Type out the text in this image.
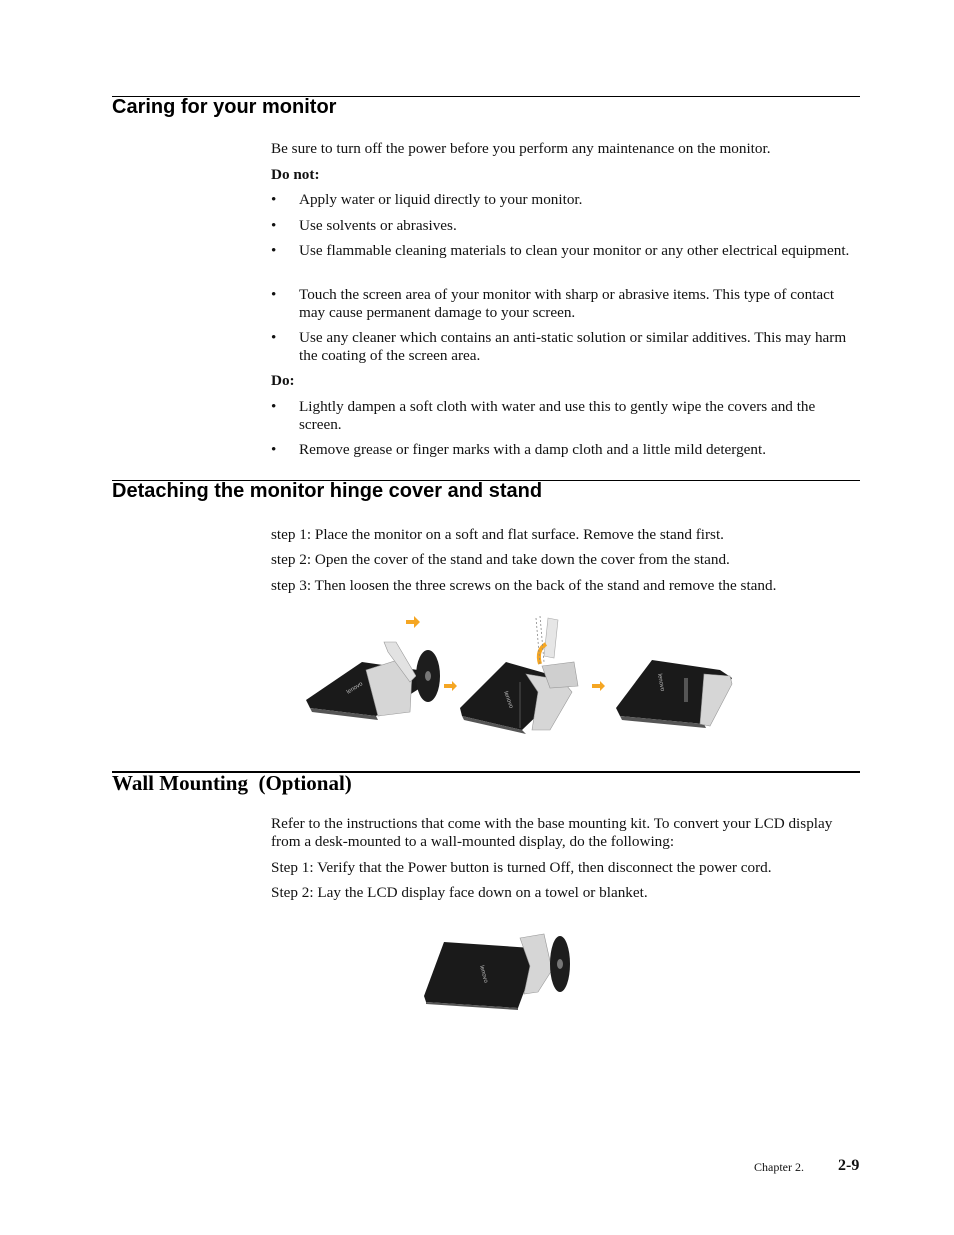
Caring for your monitor

Be sure to turn off the power before you perform any maintenance on the monitor.

Do not:

•	Apply water or liquid directly to your monitor.
•	Use solvents or abrasives.
•	Use flammable cleaning materials to clean your monitor or any other electrical equipment.
•	Touch the screen area of your monitor with sharp or abrasive items. This type of contact may cause permanent damage to your screen.
•	Use any cleaner which contains an anti-static solution or similar additives. This may harm the coating of the screen area.

Do:

•	Lightly dampen a soft cloth with water and use this to gently wipe the covers and the screen.
•	Remove grease or finger marks with a damp cloth and a little mild detergent.
Detaching the monitor hinge cover and stand

step 1: Place the monitor on a soft and flat surface. Remove the stand first.

step 2: Open the cover of the stand and take down the cover from the stand.

step 3: Then loosen the three screws on the back of the stand and remove the stand.

lenovo
lenovo
lenovo
Wall Mounting  (Optional)

Refer to the instructions that come with the base mounting kit. To convert your LCD display from a desk-mounted to a wall-mounted display, do the following:

Step 1: Verify that the Power button is turned Off, then disconnect the power cord.

Step 2: Lay the LCD display face down on a towel or blanket.

lenovo
Chapter 2. 2-9
